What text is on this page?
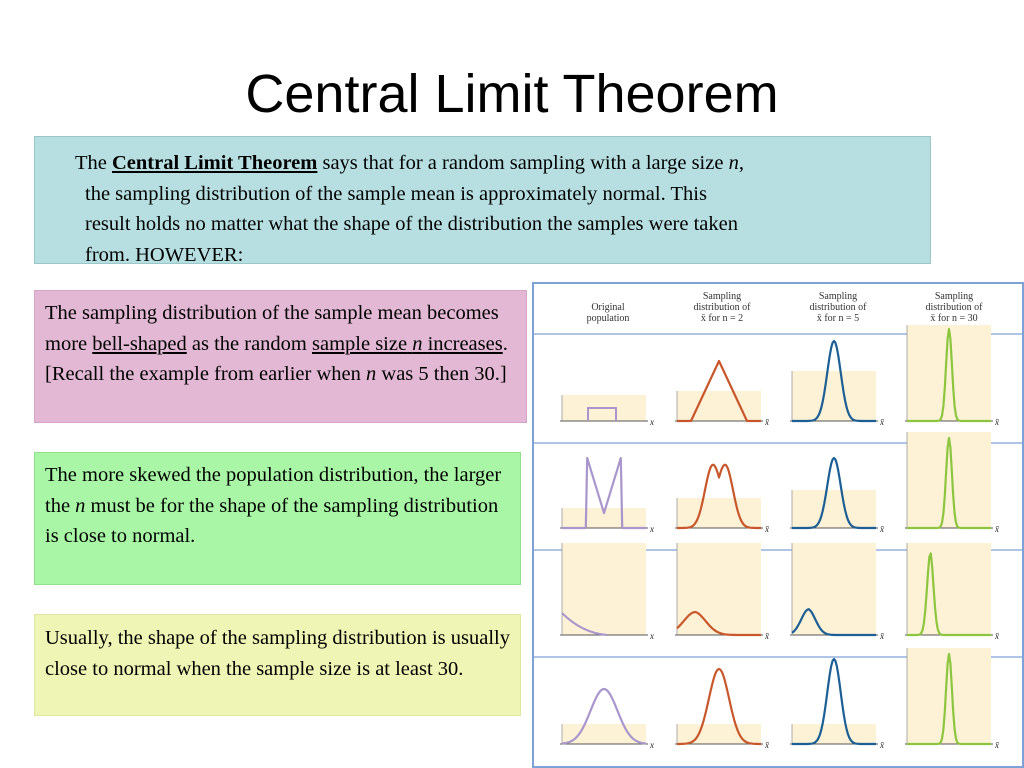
Central Limit Theorem

The Central Limit Theorem says that for a random sampling with a large size n,

the sampling distribution of the sample mean is approximately normal. This

result holds no matter what the shape of the distribution the samples were taken

from. HOWEVER:

The sampling distribution of the sample mean becomes more bell-shaped as the random sample size n increases. [Recall the example from earlier when n was 5 then 30.]
The more skewed the population distribution, the larger the n must be for the shape of the sampling distribution is close to normal.
Usually, the shape of the sampling distribution is usually close to normal when the sample size is at least 30.
Original
population
Sampling
distribution of
x̄ for n = 2
Sampling
distribution of
x̄ for n = 5
Sampling
distribution of
x̄ for n = 30
x	x̄	x̄	x̄
x	x̄	x̄	x̄
x	x̄	x̄	x̄
x	x̄	x̄	x̄
